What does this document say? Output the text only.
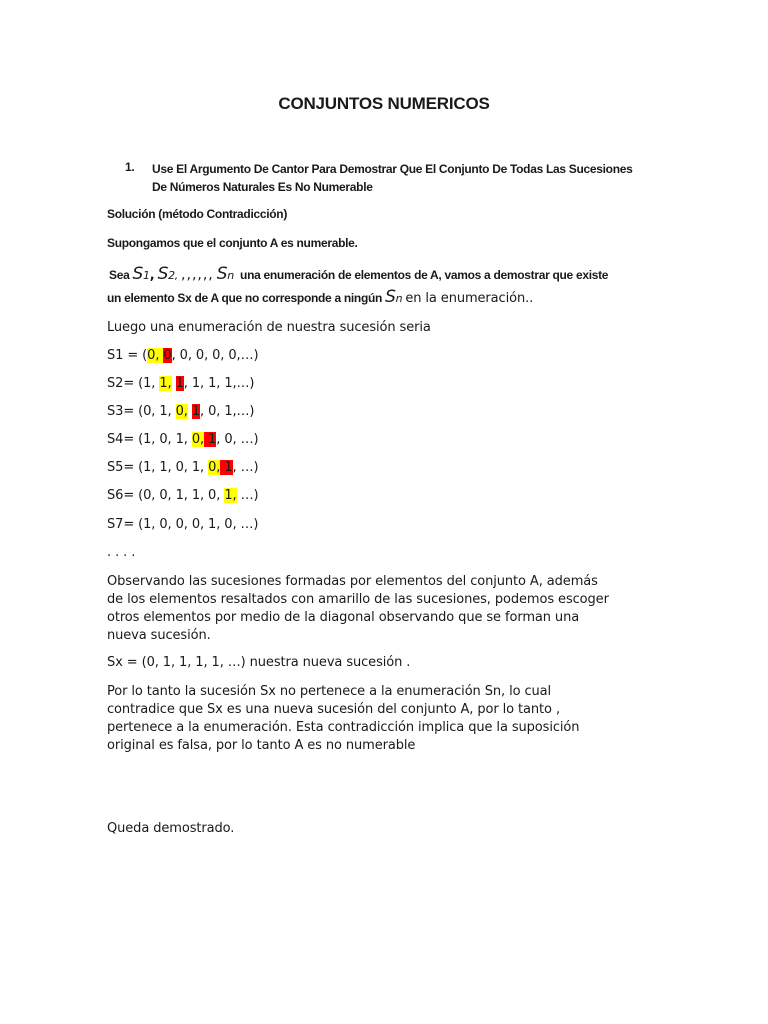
CONJUNTOS NUMERICOS
1. Use El Argumento De Cantor Para Demostrar Que El Conjunto De Todas Las Sucesiones
De Números Naturales Es No Numerable
Solución (método Contradicción)
Supongamos que el conjunto A es numerable.
Sea S1, S2, ,,,,,, Sn una enumeración de elementos de A, vamos a demostrar que existe
un elemento Sx de A que no corresponde a ningún Sn en la enumeración..
Luego una enumeración de nuestra sucesión seria
S1 = (0, 0, 0, 0, 0, 0,…)
S2= (1, 1, 1, 1, 1, 1,…)
S3= (0, 1, 0, 1, 0, 1,…)
S4= (1, 0, 1, 0, 1, 0, …)
S5= (1, 1, 0, 1, 0, 1, …)
S6= (0, 0, 1, 1, 0, 1, …)
S7= (1, 0, 0, 0, 1, 0, …)
. . . .
Observando las sucesiones formadas por elementos del conjunto A, además
de los elementos resaltados con amarillo de las sucesiones, podemos escoger
otros elementos por medio de la diagonal observando que se forman una
nueva sucesión.
Sx = (0, 1, 1, 1, 1, …) nuestra nueva sucesión .
Por lo tanto la sucesión Sx no pertenece a la enumeración Sn, lo cual
contradice que Sx es una nueva sucesión del conjunto A, por lo tanto ,
pertenece a la enumeración. Esta contradicción implica que la suposición
original es falsa, por lo tanto A es no numerable
Queda demostrado.
